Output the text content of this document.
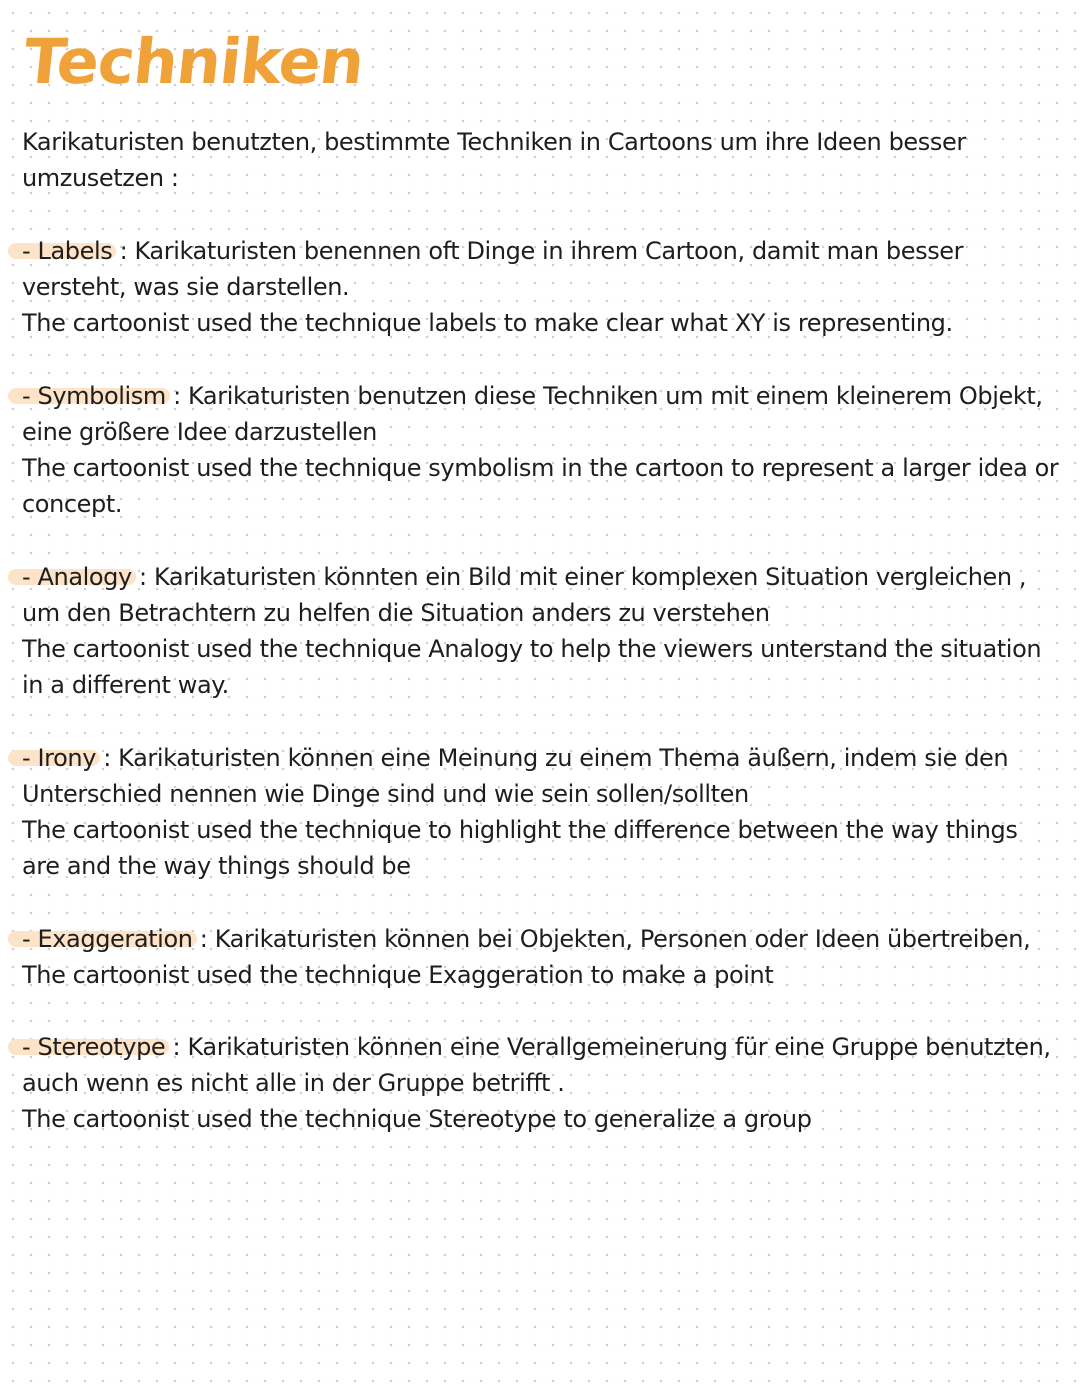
Techniken

Karikaturisten benutzten, bestimmte Techniken in Cartoons um ihre Ideen besser umzusetzen :

- Labels : Karikaturisten benennen oft Dinge in ihrem Cartoon, damit man besser versteht, was sie darstellen.
The cartoonist used the technique labels to make clear what XY is representing.
- Symbolism : Karikaturisten benutzen diese Techniken um mit einem kleinerem Objekt, eine größere Idee darzustellen
The cartoonist used the technique symbolism in the cartoon to represent a larger idea or concept.
- Analogy : Karikaturisten könnten ein Bild mit einer komplexen Situation vergleichen , um den Betrachtern zu helfen die Situation anders zu verstehen
The cartoonist used the technique Analogy to help the viewers unterstand the situation in a different way.
- Irony : Karikaturisten können eine Meinung zu einem Thema äußern, indem sie den Unterschied nennen wie Dinge sind und wie sein sollen/sollten
The cartoonist used the technique to highlight the difference between the way things are and the way things should be
- Exaggeration : Karikaturisten können bei Objekten, Personen oder Ideen übertreiben,
The cartoonist used the technique Exaggeration to make a point
- Stereotype : Karikaturisten können eine Verallgemeinerung für eine Gruppe benutzten, auch wenn es nicht alle in der Gruppe betrifft .
The cartoonist used the technique Stereotype to generalize a group
